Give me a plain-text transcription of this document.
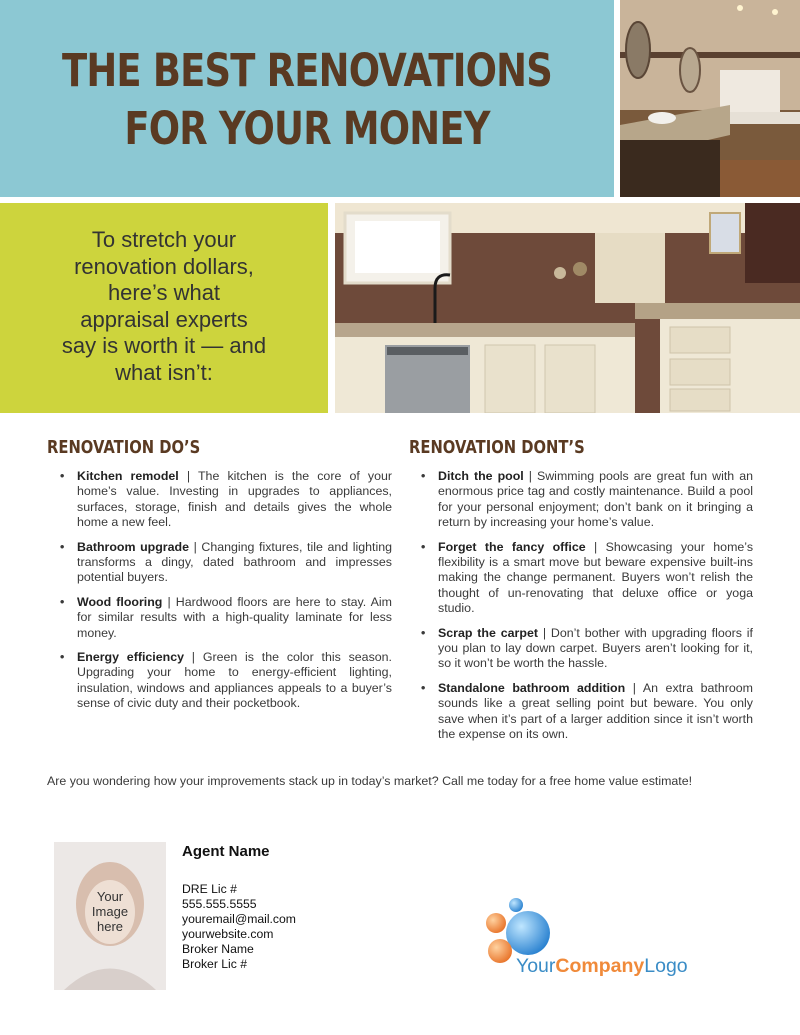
THE BEST RENOVATIONS
FOR YOUR MONEY

To stretch your
renovation dollars,
here’s what
appraisal experts
say is worth it — and
what isn’t:

RENOVATION DO’S
• Kitchen remodel | The kitchen is the core of your home’s value. Investing in upgrades to appliances, surfaces, storage, finish and details gives the whole home a new feel.
• Bathroom upgrade | Changing fixtures, tile and lighting transforms a dingy, dated bathroom and impresses potential buyers.
• Wood flooring | Hardwood floors are here to stay. Aim for similar results with a high-quality laminate for less money.
• Energy efficiency | Green is the color this season. Upgrading your home to energy-efficient lighting, insulation, windows and appliances appeals to a buyer’s sense of civic duty and their pocketbook.
RENOVATION DONT’S
• Ditch the pool | Swimming pools are great fun with an enormous price tag and costly maintenance. Build a pool for your personal enjoyment; don’t bank on it bringing a return by increasing your home’s value.
• Forget the fancy office | Showcasing your home’s flexibility is a smart move but beware expensive built-ins making the change permanent. Buyers won’t relish the thought of un-renovating that deluxe office or yoga studio.
• Scrap the carpet | Don’t bother with upgrading floors if you plan to lay down carpet. Buyers aren’t looking for it, so it won’t be worth the hassle.
• Standalone bathroom addition | An extra bathroom sounds like a great selling point but beware. You only save when it’s part of a larger addition since it isn’t worth the expense on its own.

Are you wondering how your improvements stack up in today’s market? Call me today for a free home value estimate!

Your
Image
here
Agent Name
DRE Lic #
555.555.5555
youremail@mail.com
yourwebsite.com
Broker Name
Broker Lic #	YourCompanyLogo
